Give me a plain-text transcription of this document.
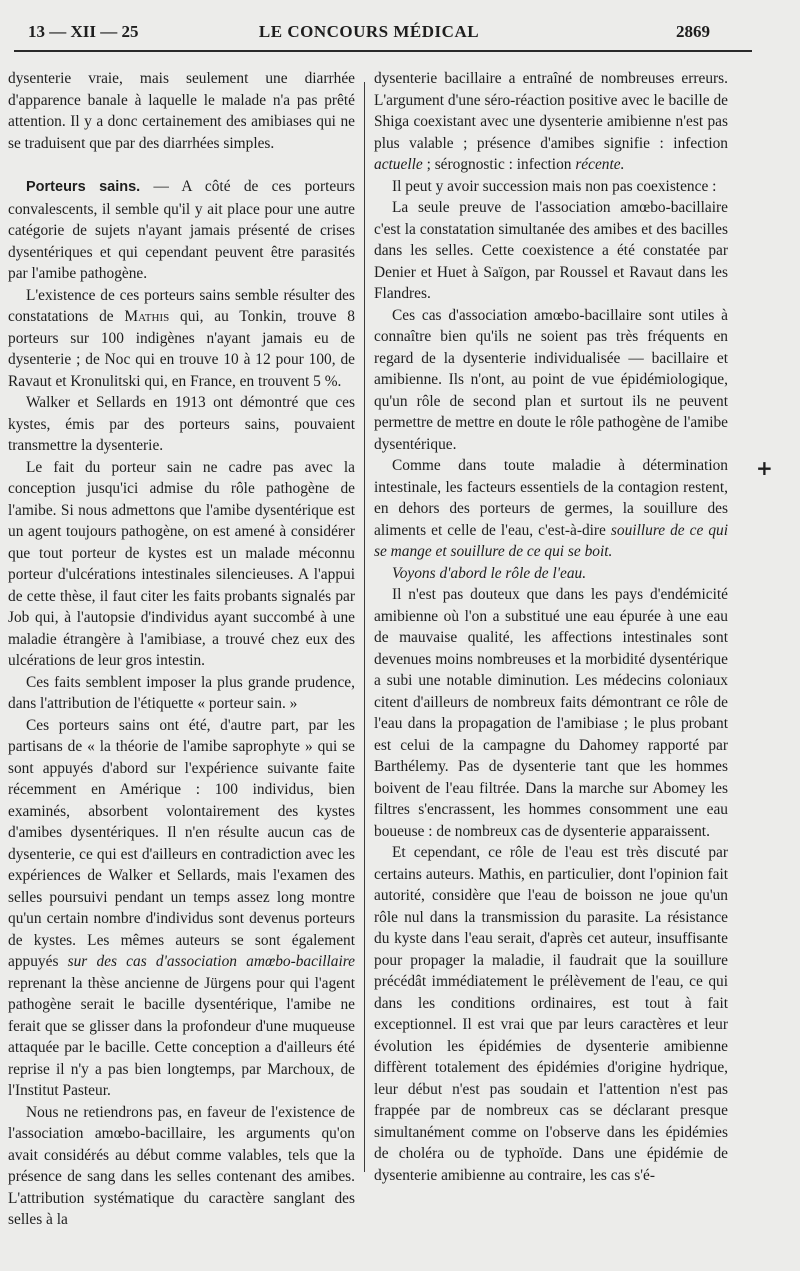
13 — XII — 25	LE CONCOURS MÉDICAL	2869

dysenterie vraie, mais seulement une diarrhée d'apparence banale à laquelle le malade n'a pas prêté attention. Il y a donc certainement des amibiases qui ne se traduisent que par des diarrhées simples.

Porteurs sains. — A côté de ces porteurs convalescents, il semble qu'il y ait place pour une autre catégorie de sujets n'ayant jamais présenté de crises dysentériques et qui cependant peuvent être parasités par l'amibe pathogène.

L'existence de ces porteurs sains semble résulter des constatations de Mathis qui, au Tonkin, trouve 8 porteurs sur 100 indigènes n'ayant jamais eu de dysenterie ; de Noc qui en trouve 10 à 12 pour 100, de Ravaut et Kronulitski qui, en France, en trouvent 5 %.

Walker et Sellards en 1913 ont démontré que ces kystes, émis par des porteurs sains, pouvaient transmettre la dysenterie.

Le fait du porteur sain ne cadre pas avec la conception jusqu'ici admise du rôle pathogène de l'amibe. Si nous admettons que l'amibe dysentérique est un agent toujours pathogène, on est amené à considérer que tout porteur de kystes est un malade méconnu porteur d'ulcérations intestinales silencieuses. A l'appui de cette thèse, il faut citer les faits probants signalés par Job qui, à l'autopsie d'individus ayant succombé à une maladie étrangère à l'amibiase, a trouvé chez eux des ulcérations de leur gros intestin.

Ces faits semblent imposer la plus grande prudence, dans l'attribution de l'étiquette « porteur sain. »

Ces porteurs sains ont été, d'autre part, par les partisans de « la théorie de l'amibe saprophyte » qui se sont appuyés d'abord sur l'expérience suivante faite récemment en Amérique : 100 individus, bien examinés, absorbent volontairement des kystes d'amibes dysentériques. Il n'en résulte aucun cas de dysenterie, ce qui est d'ailleurs en contradiction avec les expériences de Walker et Sellards, mais l'examen des selles poursuivi pendant un temps assez long montre qu'un certain nombre d'individus sont devenus porteurs de kystes. Les mêmes auteurs se sont également appuyés sur des cas d'association amœbo-bacillaire reprenant la thèse ancienne de Jürgens pour qui l'agent pathogène serait le bacille dysentérique, l'amibe ne ferait que se glisser dans la profondeur d'une muqueuse attaquée par le bacille. Cette conception a d'ailleurs été reprise il n'y a pas bien longtemps, par Marchoux, de l'Institut Pasteur.

Nous ne retiendrons pas, en faveur de l'existence de l'association amœbo-bacillaire, les arguments qu'on avait considérés au début comme valables, tels que la présence de sang dans les selles contenant des amibes. L'attribution systématique du caractère sanglant des selles à la

dysenterie bacillaire a entraîné de nombreuses erreurs. L'argument d'une séro-réaction positive avec le bacille de Shiga coexistant avec une dysenterie amibienne n'est pas plus valable ; présence d'amibes signifie : infection actuelle ; sérognostic : infection récente.

Il peut y avoir succession mais non pas coexistence :

La seule preuve de l'association amœbo-bacillaire c'est la constatation simultanée des amibes et des bacilles dans les selles. Cette coexistence a été constatée par Denier et Huet à Saïgon, par Roussel et Ravaut dans les Flandres.

Ces cas d'association amœbo-bacillaire sont utiles à connaître bien qu'ils ne soient pas très fréquents en regard de la dysenterie individualisée — bacillaire et amibienne. Ils n'ont, au point de vue épidémiologique, qu'un rôle de second plan et surtout ils ne peuvent permettre de mettre en doute le rôle pathogène de l'amibe dysentérique.

Comme dans toute maladie à détermination intestinale, les facteurs essentiels de la contagion restent, en dehors des porteurs de germes, la souillure des aliments et celle de l'eau, c'est-à-dire souillure de ce qui se mange et souillure de ce qui se boit.

Voyons d'abord le rôle de l'eau.

Il n'est pas douteux que dans les pays d'endémicité amibienne où l'on a substitué une eau épurée à une eau de mauvaise qualité, les affections intestinales sont devenues moins nombreuses et la morbidité dysentérique a subi une notable diminution. Les médecins coloniaux citent d'ailleurs de nombreux faits démontrant ce rôle de l'eau dans la propagation de l'amibiase ; le plus probant est celui de la campagne du Dahomey rapporté par Barthélemy. Pas de dysenterie tant que les hommes boivent de l'eau filtrée. Dans la marche sur Abomey les filtres s'encrassent, les hommes consomment une eau boueuse : de nombreux cas de dysenterie apparaissent.

Et cependant, ce rôle de l'eau est très discuté par certains auteurs. Mathis, en particulier, dont l'opinion fait autorité, considère que l'eau de boisson ne joue qu'un rôle nul dans la transmission du parasite. La résistance du kyste dans l'eau serait, d'après cet auteur, insuffisante pour propager la maladie, il faudrait que la souillure précédât immédiatement le prélèvement de l'eau, ce qui dans les conditions ordinaires, est tout à fait exceptionnel. Il est vrai que par leurs caractères et leur évolution les épidémies de dysenterie amibienne diffèrent totalement des épidémies d'origine hydrique, leur début n'est pas soudain et l'attention n'est pas frappée par de nombreux cas se déclarant presque simultanément comme on l'observe dans les épidémies de choléra ou de typhoïde. Dans une épidémie de dysenterie amibienne au contraire, les cas s'é-

+
